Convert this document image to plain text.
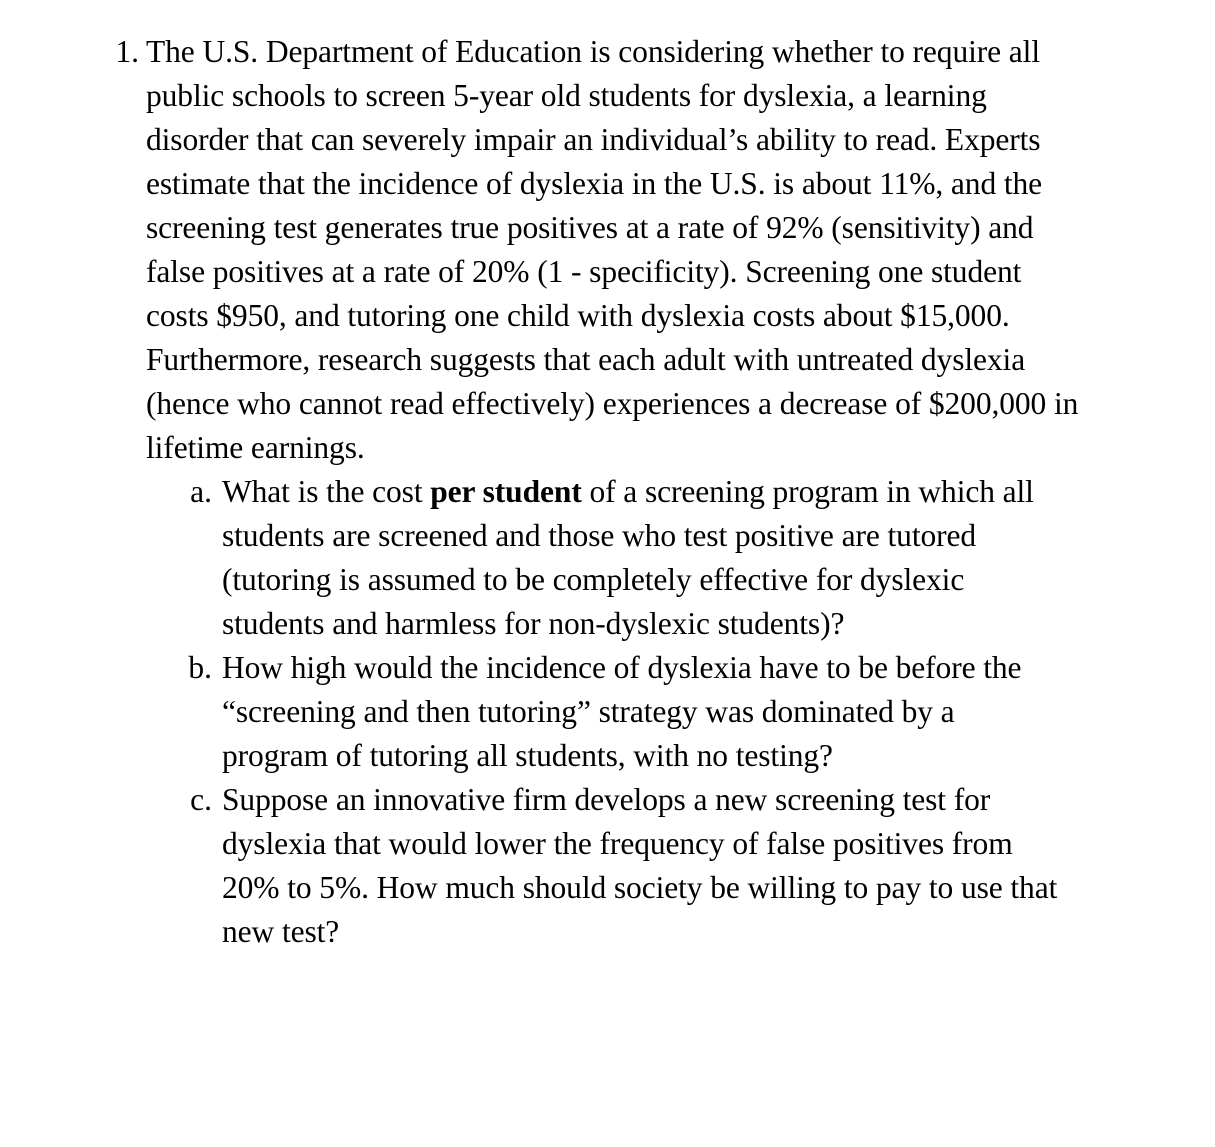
1. The U.S. Department of Education is considering whether to require all public schools to screen 5-year old students for dyslexia, a learning disorder that can severely impair an individual’s ability to read. Experts estimate that the incidence of dyslexia in the U.S. is about 11%, and the screening test generates true positives at a rate of 92% (sensitivity) and false positives at a rate of 20% (1 - specificity). Screening one student costs $950, and tutoring one child with dyslexia costs about $15,000. Furthermore, research suggests that each adult with untreated dyslexia (hence who cannot read effectively) experiences a decrease of $200,000 in lifetime earnings.
a. What is the cost per student of a screening program in which all students are screened and those who test positive are tutored (tutoring is assumed to be completely effective for dyslexic students and harmless for non-dyslexic students)?
b. How high would the incidence of dyslexia have to be before the “screening and then tutoring” strategy was dominated by a program of tutoring all students, with no testing?
c. Suppose an innovative firm develops a new screening test for dyslexia that would lower the frequency of false positives from 20% to 5%. How much should society be willing to pay to use that new test?
